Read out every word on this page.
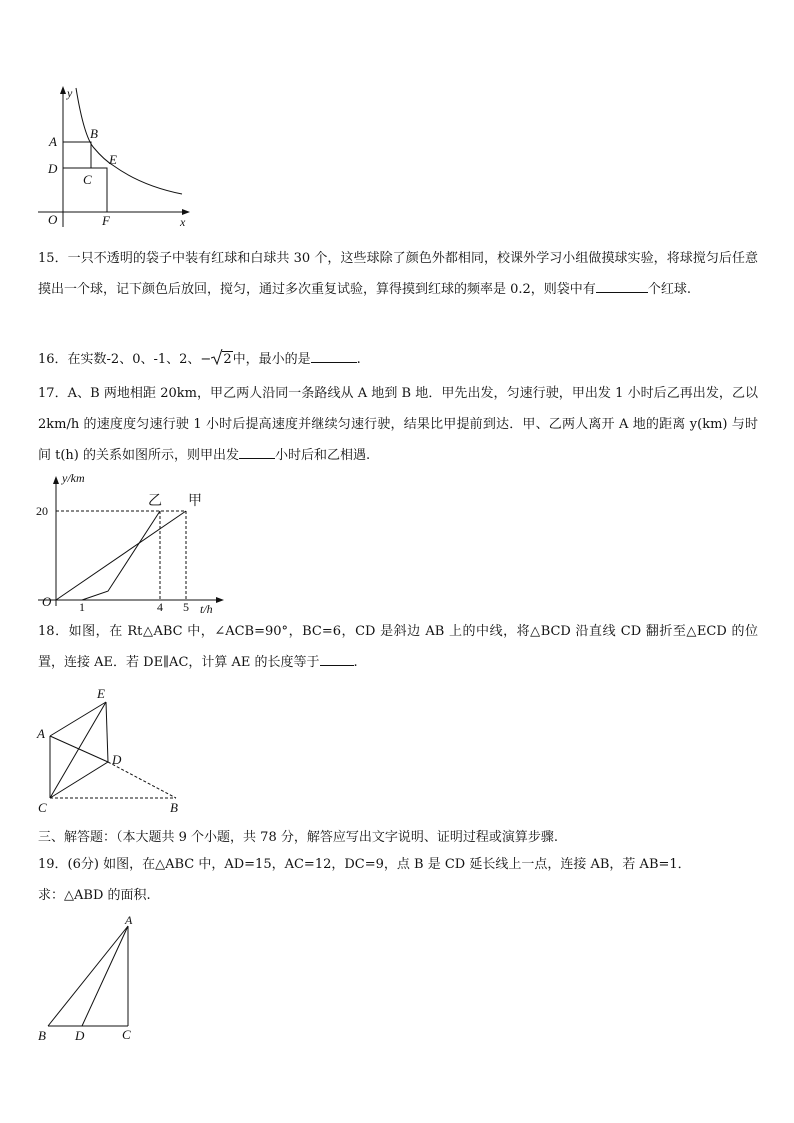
y
x
O
A
B
C
D
E
F
15．一只不透明的袋子中装有红球和白球共 30 个，这些球除了颜色外都相同，校课外学习小组做摸球实验，将球搅匀后任意摸出一个球，记下颜色后放回，搅匀，通过多次重复试验，算得摸到红球的频率是 0.2，则袋中有	个红球.
16．在实数-2、0、-1、2、− 2中，最小的是	.
17．A、B 两地相距 20km，甲乙两人沿同一条路线从 A 地到 B 地．甲先出发，匀速行驶，甲出发 1 小时后乙再出发，乙以 2km/h 的速度度匀速行驶 1 小时后提高速度并继续匀速行驶，结果比甲提前到达．甲、乙两人离开 A 地的距离 y(km) 与时间 t(h) 的关系如图所示，则甲出发	小时后和乙相遇.
y/km
t/h
O
20
1	4 5
乙 甲
18．如图，在 Rt△ABC 中，∠ACB=90°，BC=6，CD 是斜边 AB 上的中线，将△BCD 沿直线 CD 翻折至△ECD 的位置，连接 AE．若 DE∥AC，计算 AE 的长度等于	.
E
A
D
C	B
三、解答题：（本大题共 9 个小题，共 78 分，解答应写出文字说明、证明过程或演算步骤.
19．(6分) 如图，在△ABC 中，AD=15，AC=12，DC=9，点 B 是 CD 延长线上一点，连接 AB，若 AB=1．
求：△ABD 的面积.
A
B D	C
